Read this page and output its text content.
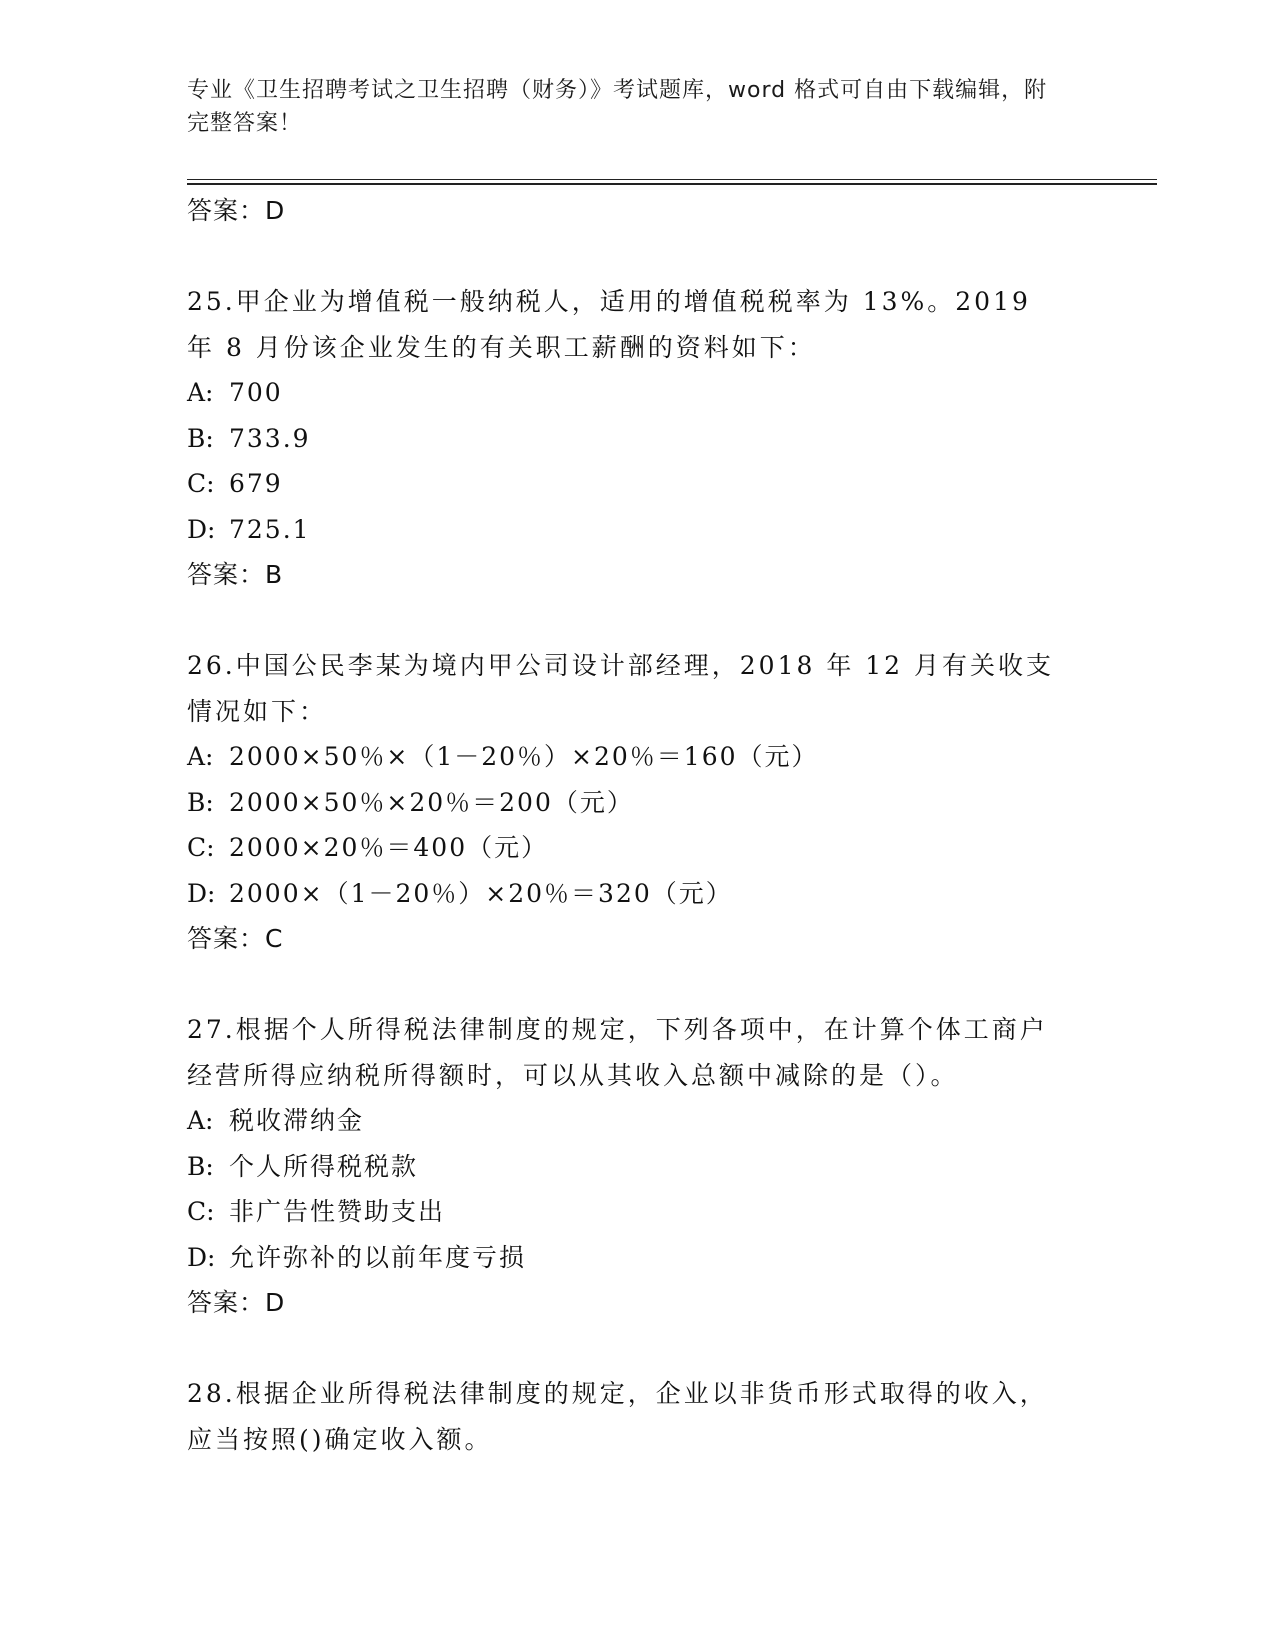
专业《卫生招聘考试之卫生招聘（财务）》考试题库，word 格式可自由下载编辑，附完整答案！
答案：D
25.甲企业为增值税一般纳税人，适用的增值税税率为 13%。2019 年 8 月份该企业发生的有关职工薪酬的资料如下：
A: 700
B: 733.9
C: 679
D: 725.1
答案：B
26.中国公民李某为境内甲公司设计部经理，2018 年 12 月有关收支情况如下：
A: 2000×50％×（1－20％）×20％＝160（元）
B: 2000×50％×20％＝200（元）
C: 2000×20％＝400（元）
D: 2000×（1－20％）×20％＝320（元）
答案：C
27.根据个人所得税法律制度的规定，下列各项中，在计算个体工商户经营所得应纳税所得额时，可以从其收入总额中减除的是（）。
A: 税收滞纳金
B: 个人所得税税款
C: 非广告性赞助支出
D: 允许弥补的以前年度亏损
答案：D
28.根据企业所得税法律制度的规定，企业以非货币形式取得的收入，应当按照()确定收入额。
